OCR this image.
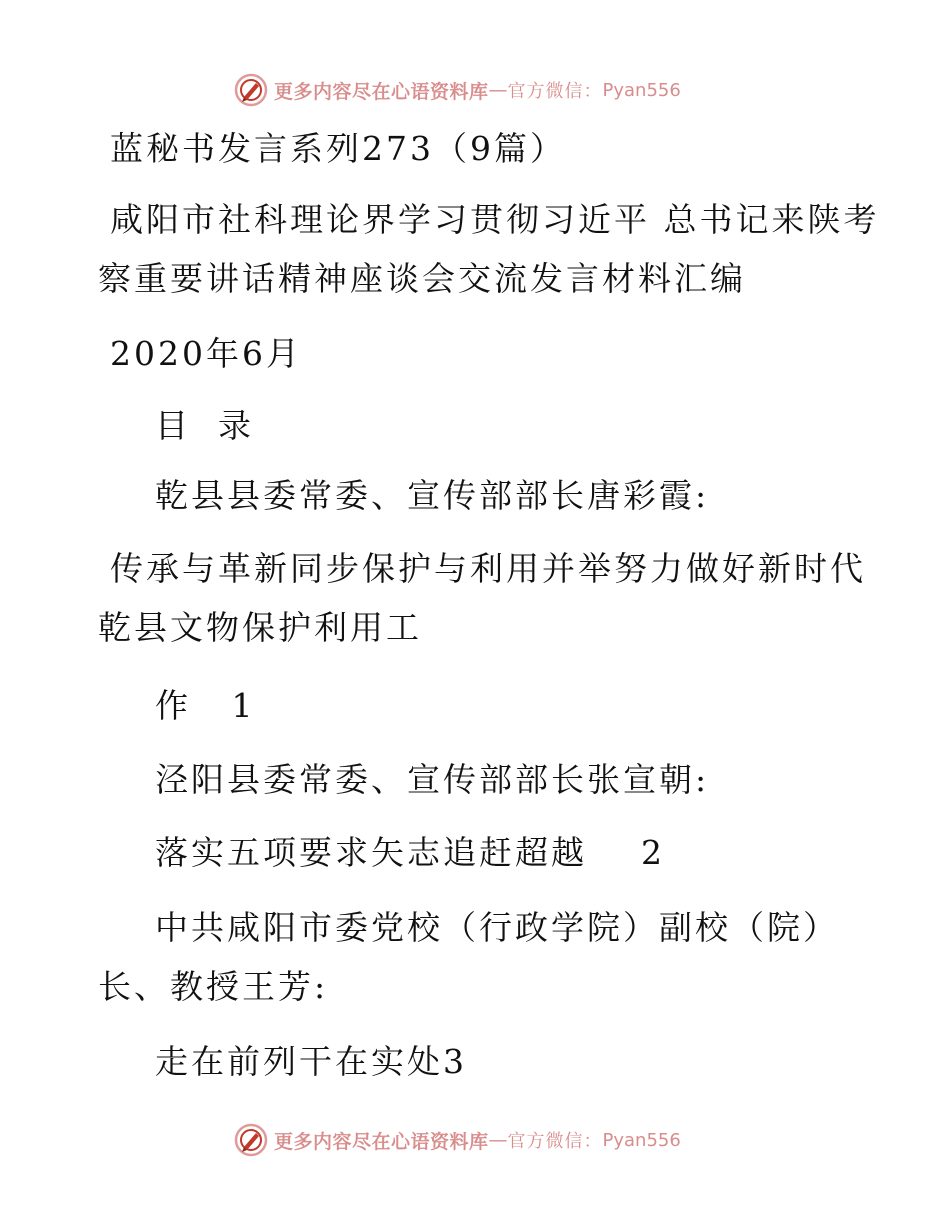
更多内容尽在心语资料库 — 官方微信： Pyan556
蓝秘书发言系列273（9篇）
咸阳市社科理论界学习贯彻习近平 总书记来陕考
察重要讲话精神座谈会交流发言材料汇编
2020年6月
目  录
乾县县委常委、宣传部部长唐彩霞:
传承与革新同步保护与利用并举努力做好新时代
乾县文物保护利用工
作   1
泾阳县委常委、宣传部部长张宣朝:
落实五项要求矢志追赶超越    2
中共咸阳市委党校（行政学院）副校（院）
长、教授王芳:
走在前列干在实处3
更多内容尽在心语资料库 — 官方微信： Pyan556
